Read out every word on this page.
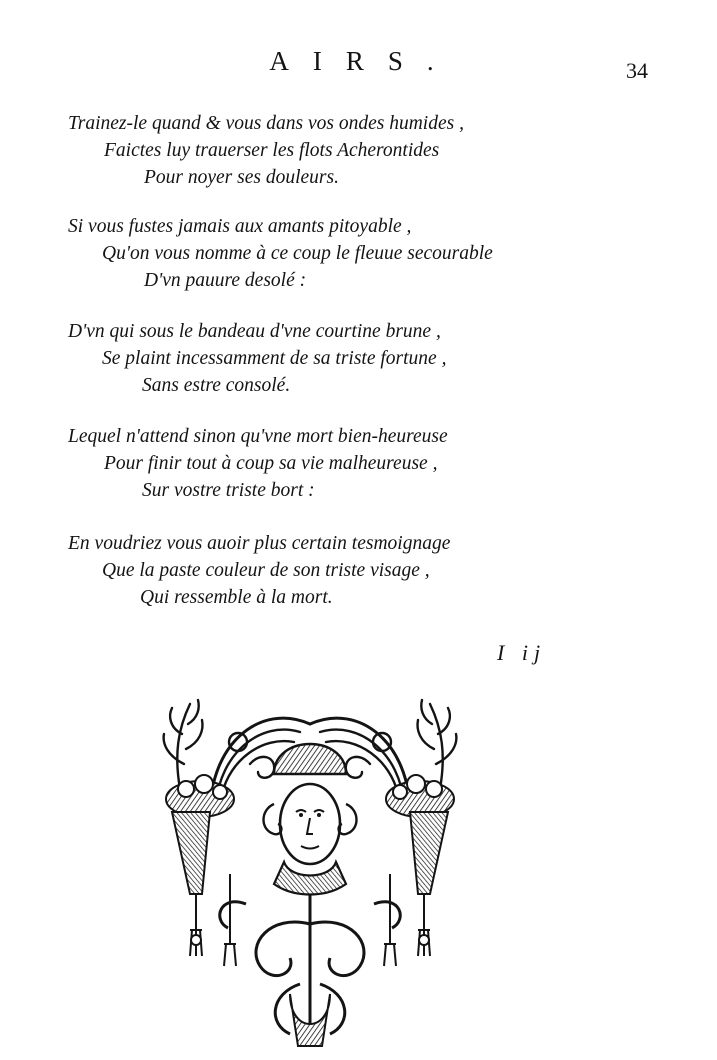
AIRS.	34
Trainez-le quand & vous dans vos ondes humides ,
Faictes luy trauerser les flots Acherontides
Pour noyer ses douleurs.
Si vous fustes jamais aux amants pitoyable ,
Qu'on vous nomme à ce coup le fleuue secourable
D'vn pauure desolé :
D'vn qui sous le bandeau d'vne courtine brune ,
Se plaint incessamment de sa triste fortune ,
Sans estre consolé.
Lequel n'attend sinon qu'vne mort bien-heureuse
Pour finir tout à coup sa vie malheureuse ,
Sur vostre triste bort :
En voudriez vous auoir plus certain tesmoignage
Que la paste couleur de son triste visage ,
Qui ressemble à la mort.
I ij
